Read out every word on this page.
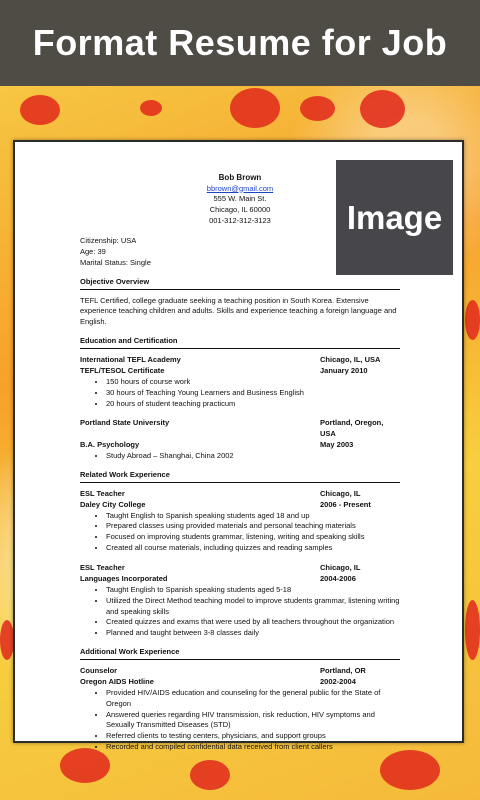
Format Resume for Job
Image
Bob Brown
bbrown@gmail.com
555 W. Main St.
Chicago, IL 60000
001-312-312-3123
Citizenship: USA
Age: 39
Marital Status: Single
Objective Overview
TEFL Certified, college graduate seeking a teaching position in South Korea. Extensive experience teaching children and adults. Skills and experience teaching a foreign language and English.
Education and Certification
International TEFL Academy	Chicago, IL, USA
TEFL/TESOL Certificate	January 2010
• 150 hours of course work
• 30 hours of Teaching Young Learners and Business English
• 20 hours of student teaching practicum
Portland State University	Portland, Oregon, USA
B.A. Psychology	May 2003
• Study Abroad – Shanghai, China 2002
Related Work Experience
ESL Teacher	Chicago, IL
Daley City College	2006 - Present
• Taught English to Spanish speaking students aged 18 and up
• Prepared classes using provided materials and personal teaching materials
• Focused on improving students grammar, listening, writing and speaking skills
• Created all course materials, including quizzes and reading samples
ESL Teacher	Chicago, IL
Languages Incorporated	2004-2006
• Taught English to Spanish speaking students aged 5-18
• Utilized the Direct Method teaching model to improve students grammar, listening writing and speaking skills
• Created quizzes and exams that were used by all teachers throughout the organization
• Planned and taught between 3-8 classes daily
Additional Work Experience
Counselor	Portland, OR
Oregon AIDS Hotline	2002-2004
• Provided HIV/AIDS education and counseling for the general public for the State of Oregon
• Answered queries regarding HIV transmission, risk reduction, HIV symptoms and Sexually Transmitted Diseases (STD)
• Referred clients to testing centers, physicians, and support groups
• Recorded and compiled confidential data received from client callers
